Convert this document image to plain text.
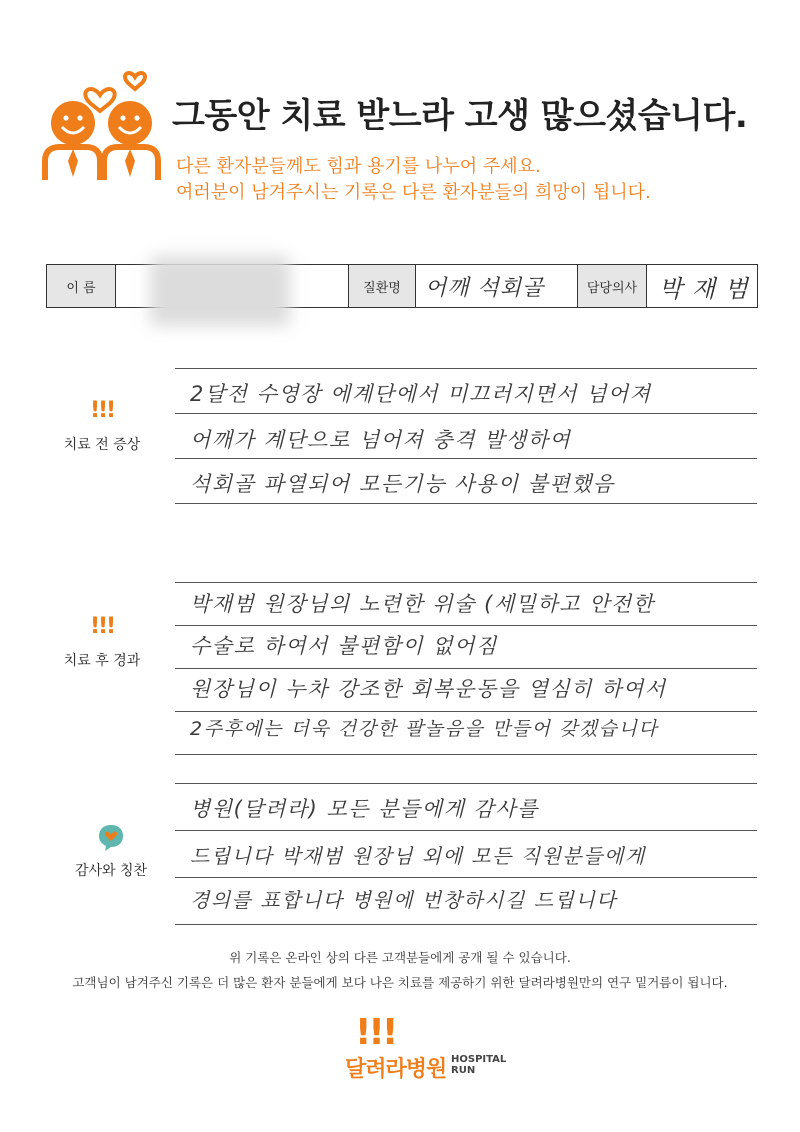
그동안 치료 받느라 고생 많으셨습니다.
다른 환자분들께도 힘과 용기를 나누어 주세요.
여러분이 남겨주시는 기록은 다른 환자분들의 희망이 됩니다.
이 름	질환명	어깨 석회골	담당의사 박 재 범
!!!
치료 전 증상
2달전 수영장 에계단에서 미끄러지면서 넘어져
어깨가 계단으로 넘어져 충격 발생하여
석회골 파열되어 모든기능 사용이 불편했음
!!!
치료 후 경과
박재범 원장님의 노련한 위술 (세밀하고 안전한
수술로 하여서 불편함이 없어짐
원장님이 누차 강조한 회복운동을 열심히 하여서
2주후에는 더욱 건강한 팔놀음을 만들어 갖겠습니다
감사와 칭찬
병원(달려라) 모든 분들에게 감사를
드립니다 박재범 원장님 외에 모든 직원분들에게
경의를 표합니다 병원에 번창하시길 드립니다
위 기록은 온라인 상의 다른 고객분들에게 공개 될 수 있습니다.
고객님이 남겨주신 기록은 더 많은 환자 분들에게 보다 나은 치료를 제공하기 위한 달려라병원만의 연구 밑거름이 됩니다.
!!!
달려라병원 HOSPITAL
RUN
